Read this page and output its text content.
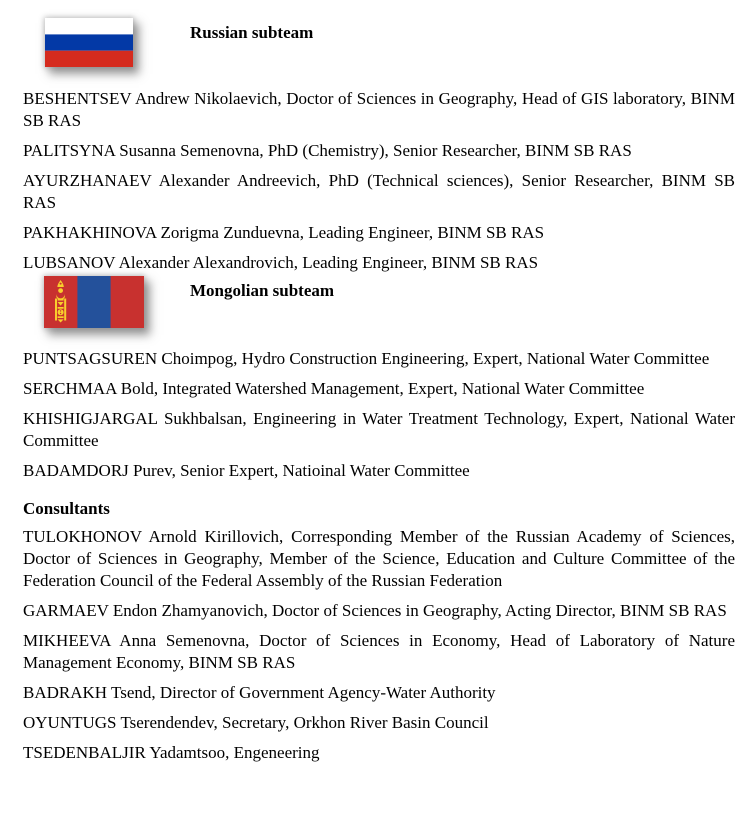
Russian subteam

BESHENTSEV Andrew Nikolaevich, Doctor of Sciences in Geography, Head of GIS laboratory, BINM SB RAS

PALITSYNA Susanna Semenovna, PhD (Chemistry), Senior Researcher, BINM SB RAS

AYURZHANAEV Alexander Andreevich, PhD (Technical sciences), Senior Researcher, BINM SB RAS

PAKHAKHINOVA Zorigma Zunduevna, Leading Engineer, BINM SB RAS

LUBSANOV Alexander Alexandrovich, Leading Engineer, BINM SB RAS

Mongolian subteam

PUNTSAGSUREN Choimpog, Hydro Construction Engineering, Expert, National Water Committee

SERCHMAA Bold, Integrated Watershed Management, Expert, National Water Committee

KHISHIGJARGAL Sukhbalsan, Engineering in Water Treatment Technology, Expert, National Water Committee

BADAMDORJ Purev, Senior Expert, Natioinal Water Committee

Consultants

TULOKHONOV Arnold Kirillovich, Corresponding Member of the Russian Academy of Sciences, Doctor of Sciences in Geography, Member of the Science, Education and Culture Committee of the Federation Council of the Federal Assembly of the Russian Federation

GARMAEV Endon Zhamyanovich, Doctor of Sciences in Geography, Acting Director, BINM SB RAS

MIKHEEVA Anna Semenovna, Doctor of Sciences in Economy, Head of Laboratory of Nature Management Economy, BINM SB RAS

BADRAKH Tsend, Director of Government Agency-Water Authority

OYUNTUGS Tserendendev, Secretary, Orkhon River Basin Council

TSEDENBALJIR Yadamtsoo, Engeneering
